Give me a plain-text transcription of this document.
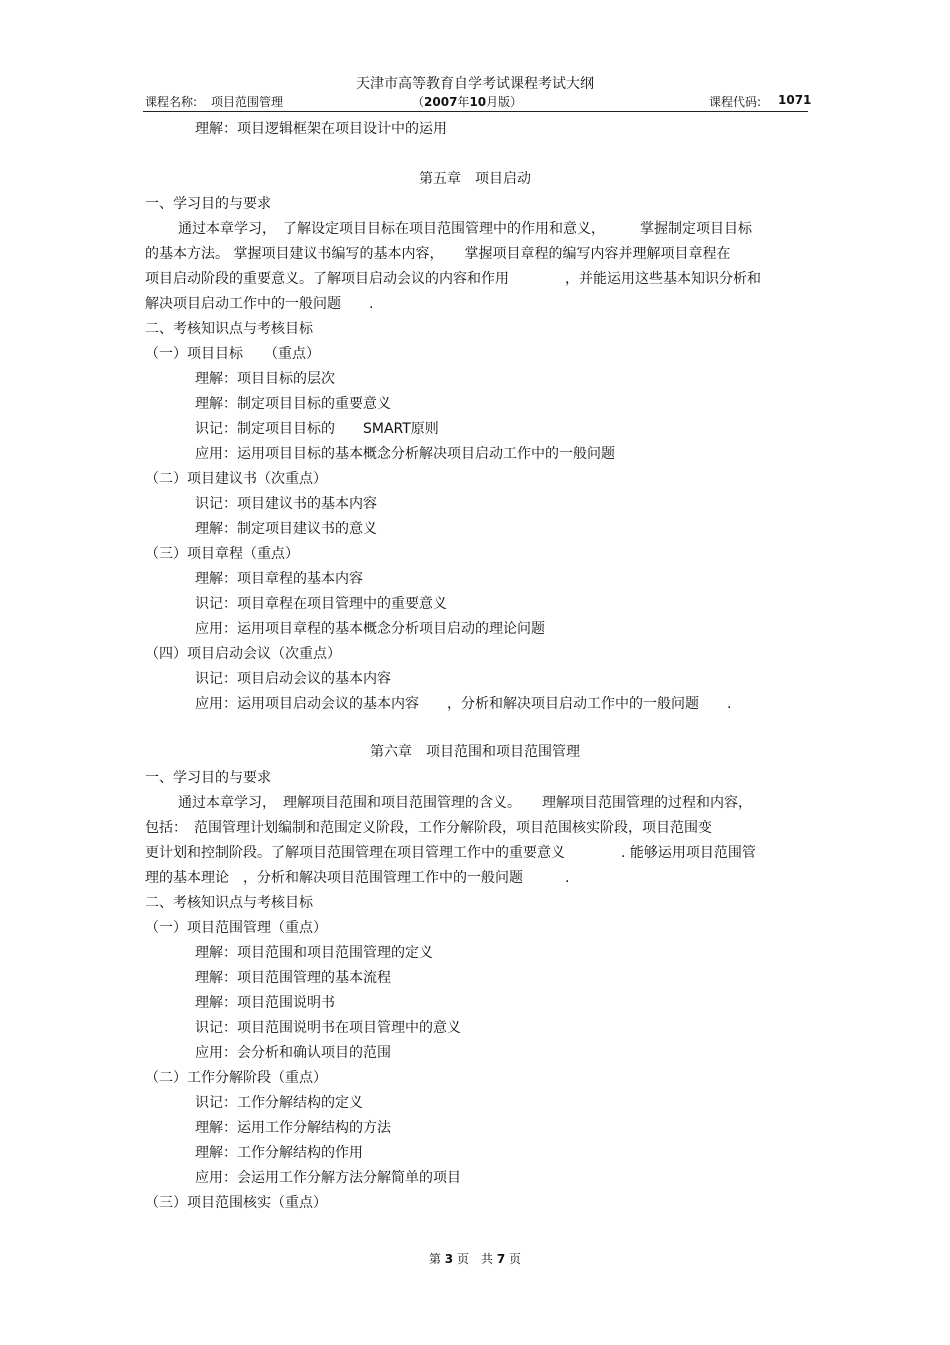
天津市高等教育自学考试课程考试大纲
课程名称: 项目范围管理	（2007年10月版）	课程代码: 1071
理解：项目逻辑框架在项目设计中的运用
第五章　项目启动
一、学习目的与要求
通过本章学习，　了解设定项目目标在项目范围管理中的作用和意义，　　　掌握制定项目目标
的基本方法。 掌握项目建议书编写的基本内容，　　掌握项目章程的编写内容并理解项目章程在
项目启动阶段的重要意义。了解项目启动会议的内容和作用　　　　，并能运用这些基本知识分析和
解决项目启动工作中的一般问题　　.
二、考核知识点与考核目标
（一）项目目标　　（重点）
理解：项目目标的层次
理解：制定项目目标的重要意义
识记：制定项目目标的　　SMART原则
应用：运用项目目标的基本概念分析解决项目启动工作中的一般问题
（二）项目建议书（次重点）
识记：项目建议书的基本内容
理解：制定项目建议书的意义
（三）项目章程（重点）
理解：项目章程的基本内容
识记：项目章程在项目管理中的重要意义
应用：运用项目章程的基本概念分析项目启动的理论问题
（四）项目启动会议（次重点）
识记：项目启动会议的基本内容
应用：运用项目启动会议的基本内容　　，分析和解决项目启动工作中的一般问题　　.
第六章　项目范围和项目范围管理
一、学习目的与要求
通过本章学习，　理解项目范围和项目范围管理的含义。　　理解项目范围管理的过程和内容，
包括：　范围管理计划编制和范围定义阶段，工作分解阶段，项目范围核实阶段，项目范围变
更计划和控制阶段。了解项目范围管理在项目管理工作中的重要意义　　　　. 能够运用项目范围管
理的基本理论　，分析和解决项目范围管理工作中的一般问题　　　.
二、考核知识点与考核目标
（一）项目范围管理（重点）
理解：项目范围和项目范围管理的定义
理解：项目范围管理的基本流程
理解：项目范围说明书
识记：项目范围说明书在项目管理中的意义
应用：会分析和确认项目的范围
（二）工作分解阶段（重点）
识记：工作分解结构的定义
理解：运用工作分解结构的方法
理解：工作分解结构的作用
应用：会运用工作分解方法分解简单的项目
（三）项目范围核实（重点）
第 3 页　共 7 页
